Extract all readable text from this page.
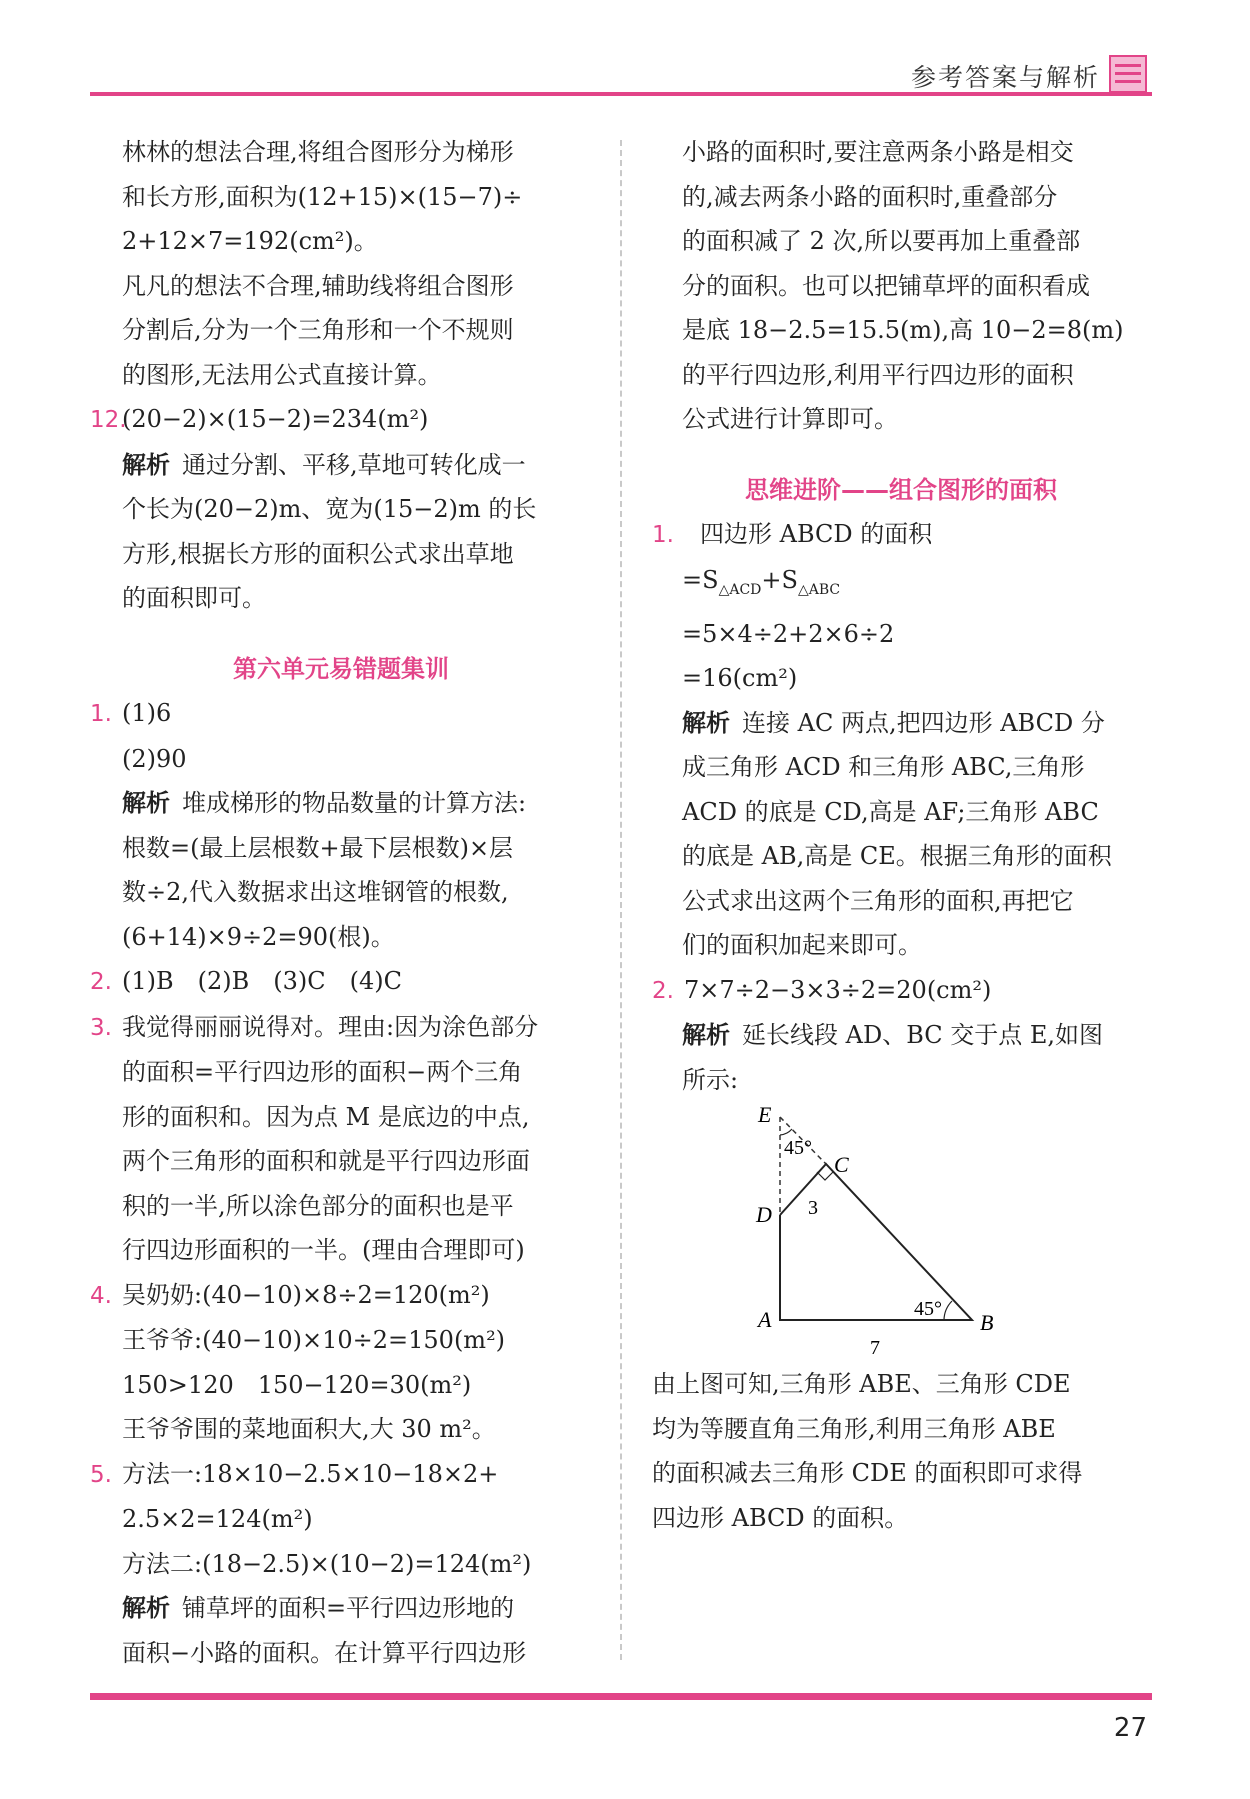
参考答案与解析
林林的想法合理,将组合图形分为梯形
和长方形,面积为(12+15)×(15−7)÷
2+12×7=192(cm²)。
凡凡的想法不合理,辅助线将组合图形
分割后,分为一个三角形和一个不规则
的图形,无法用公式直接计算。
12.(20−2)×(15−2)=234(m²)
解析 通过分割、平移,草地可转化成一
个长为(20−2)m、宽为(15−2)m 的长
方形,根据长方形的面积公式求出草地
的面积即可。
第六单元易错题集训
1. (1)6
(2)90
解析 堆成梯形的物品数量的计算方法:
根数=(最上层根数+最下层根数)×层
数÷2,代入数据求出这堆钢管的根数,
(6+14)×9÷2=90(根)。
2. (1)B　(2)B　(3)C　(4)C
3. 我觉得丽丽说得对。理由:因为涂色部分
的面积=平行四边形的面积−两个三角
形的面积和。因为点 M 是底边的中点,
两个三角形的面积和就是平行四边形面
积的一半,所以涂色部分的面积也是平
行四边形面积的一半。(理由合理即可)
4. 吴奶奶:(40−10)×8÷2=120(m²)
王爷爷:(40−10)×10÷2=150(m²)
150>120　150−120=30(m²)
王爷爷围的菜地面积大,大 30 m²。
5. 方法一:18×10−2.5×10−18×2+
2.5×2=124(m²)
方法二:(18−2.5)×(10−2)=124(m²)
解析 铺草坪的面积=平行四边形地的
面积−小路的面积。在计算平行四边形
小路的面积时,要注意两条小路是相交
的,减去两条小路的面积时,重叠部分
的面积减了 2 次,所以要再加上重叠部
分的面积。也可以把铺草坪的面积看成
是底 18−2.5=15.5(m),高 10−2=8(m)
的平行四边形,利用平行四边形的面积
公式进行计算即可。
思维进阶——组合图形的面积
1. 四边形 ABCD 的面积
$=S_{\triangle ACD}+S_{\triangle ABC}$
=5×4÷2+2×6÷2
=16(cm²)
解析 连接 AC 两点,把四边形 ABCD 分
成三角形 ACD 和三角形 ABC,三角形
ACD 的底是 CD,高是 AF;三角形 ABC
的底是 AB,高是 CE。根据三角形的面积
公式求出这两个三角形的面积,再把它
们的面积加起来即可。
2. 7×7÷2−3×3÷2=20(cm²)
解析 延长线段 AD、BC 交于点 E,如图
所示:
E
C
D
A	B
45°
45°
3
7
由上图可知,三角形 ABE、三角形 CDE
均为等腰直角三角形,利用三角形 ABE
的面积减去三角形 CDE 的面积即可求得
四边形 ABCD 的面积。
27
